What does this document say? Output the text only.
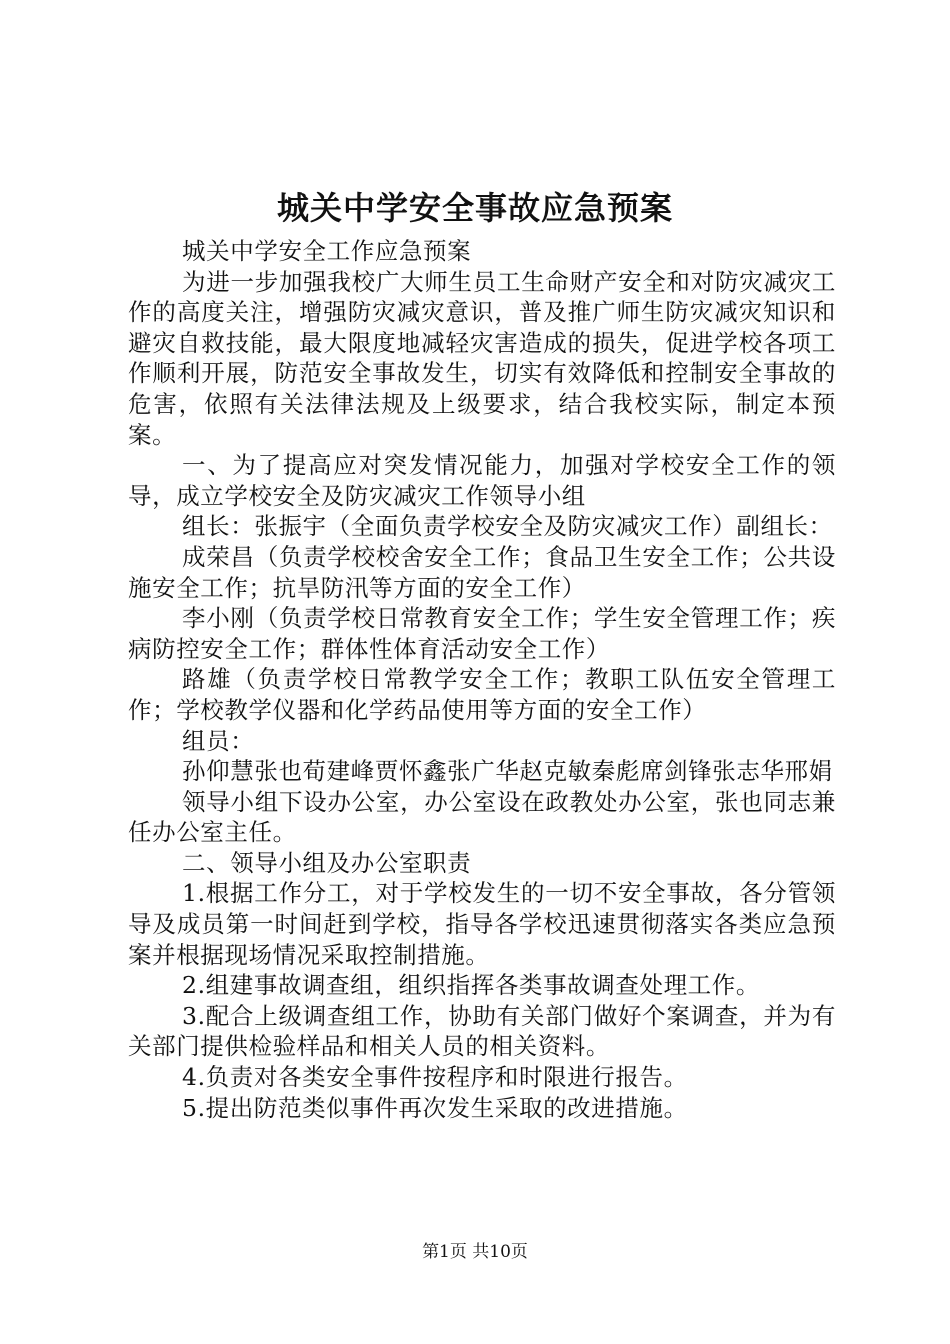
城关中学安全事故应急预案

城关中学安全工作应急预案

为进一步加强我校广大师生员工生命财产安全和对防灾减灾工作的高度关注，增强防灾减灾意识，普及推广师生防灾减灾知识和避灾自救技能，最大限度地减轻灾害造成的损失，促进学校各项工作顺利开展，防范安全事故发生，切实有效降低和控制安全事故的危害，依照有关法律法规及上级要求，结合我校实际，制定本预案。

一、为了提高应对突发情况能力，加强对学校安全工作的领导，成立学校安全及防灾减灾工作领导小组

组长：张振宇（全面负责学校安全及防灾减灾工作）副组长：

成荣昌（负责学校校舍安全工作；食品卫生安全工作；公共设施安全工作；抗旱防汛等方面的安全工作）

李小刚（负责学校日常教育安全工作；学生安全管理工作；疾病防控安全工作；群体性体育活动安全工作）

路雄（负责学校日常教学安全工作；教职工队伍安全管理工作；学校教学仪器和化学药品使用等方面的安全工作）

组员：

孙仰慧张也荀建峰贾怀鑫张广华赵克敏秦彪席剑锋张志华邢娟

领导小组下设办公室，办公室设在政教处办公室，张也同志兼任办公室主任。

二、领导小组及办公室职责

1.根据工作分工，对于学校发生的一切不安全事故，各分管领导及成员第一时间赶到学校，指导各学校迅速贯彻落实各类应急预案并根据现场情况采取控制措施。

2.组建事故调查组，组织指挥各类事故调查处理工作。

3.配合上级调查组工作，协助有关部门做好个案调查，并为有关部门提供检验样品和相关人员的相关资料。

4.负责对各类安全事件按程序和时限进行报告。

5.提出防范类似事件再次发生采取的改进措施。

第1页 共10页
